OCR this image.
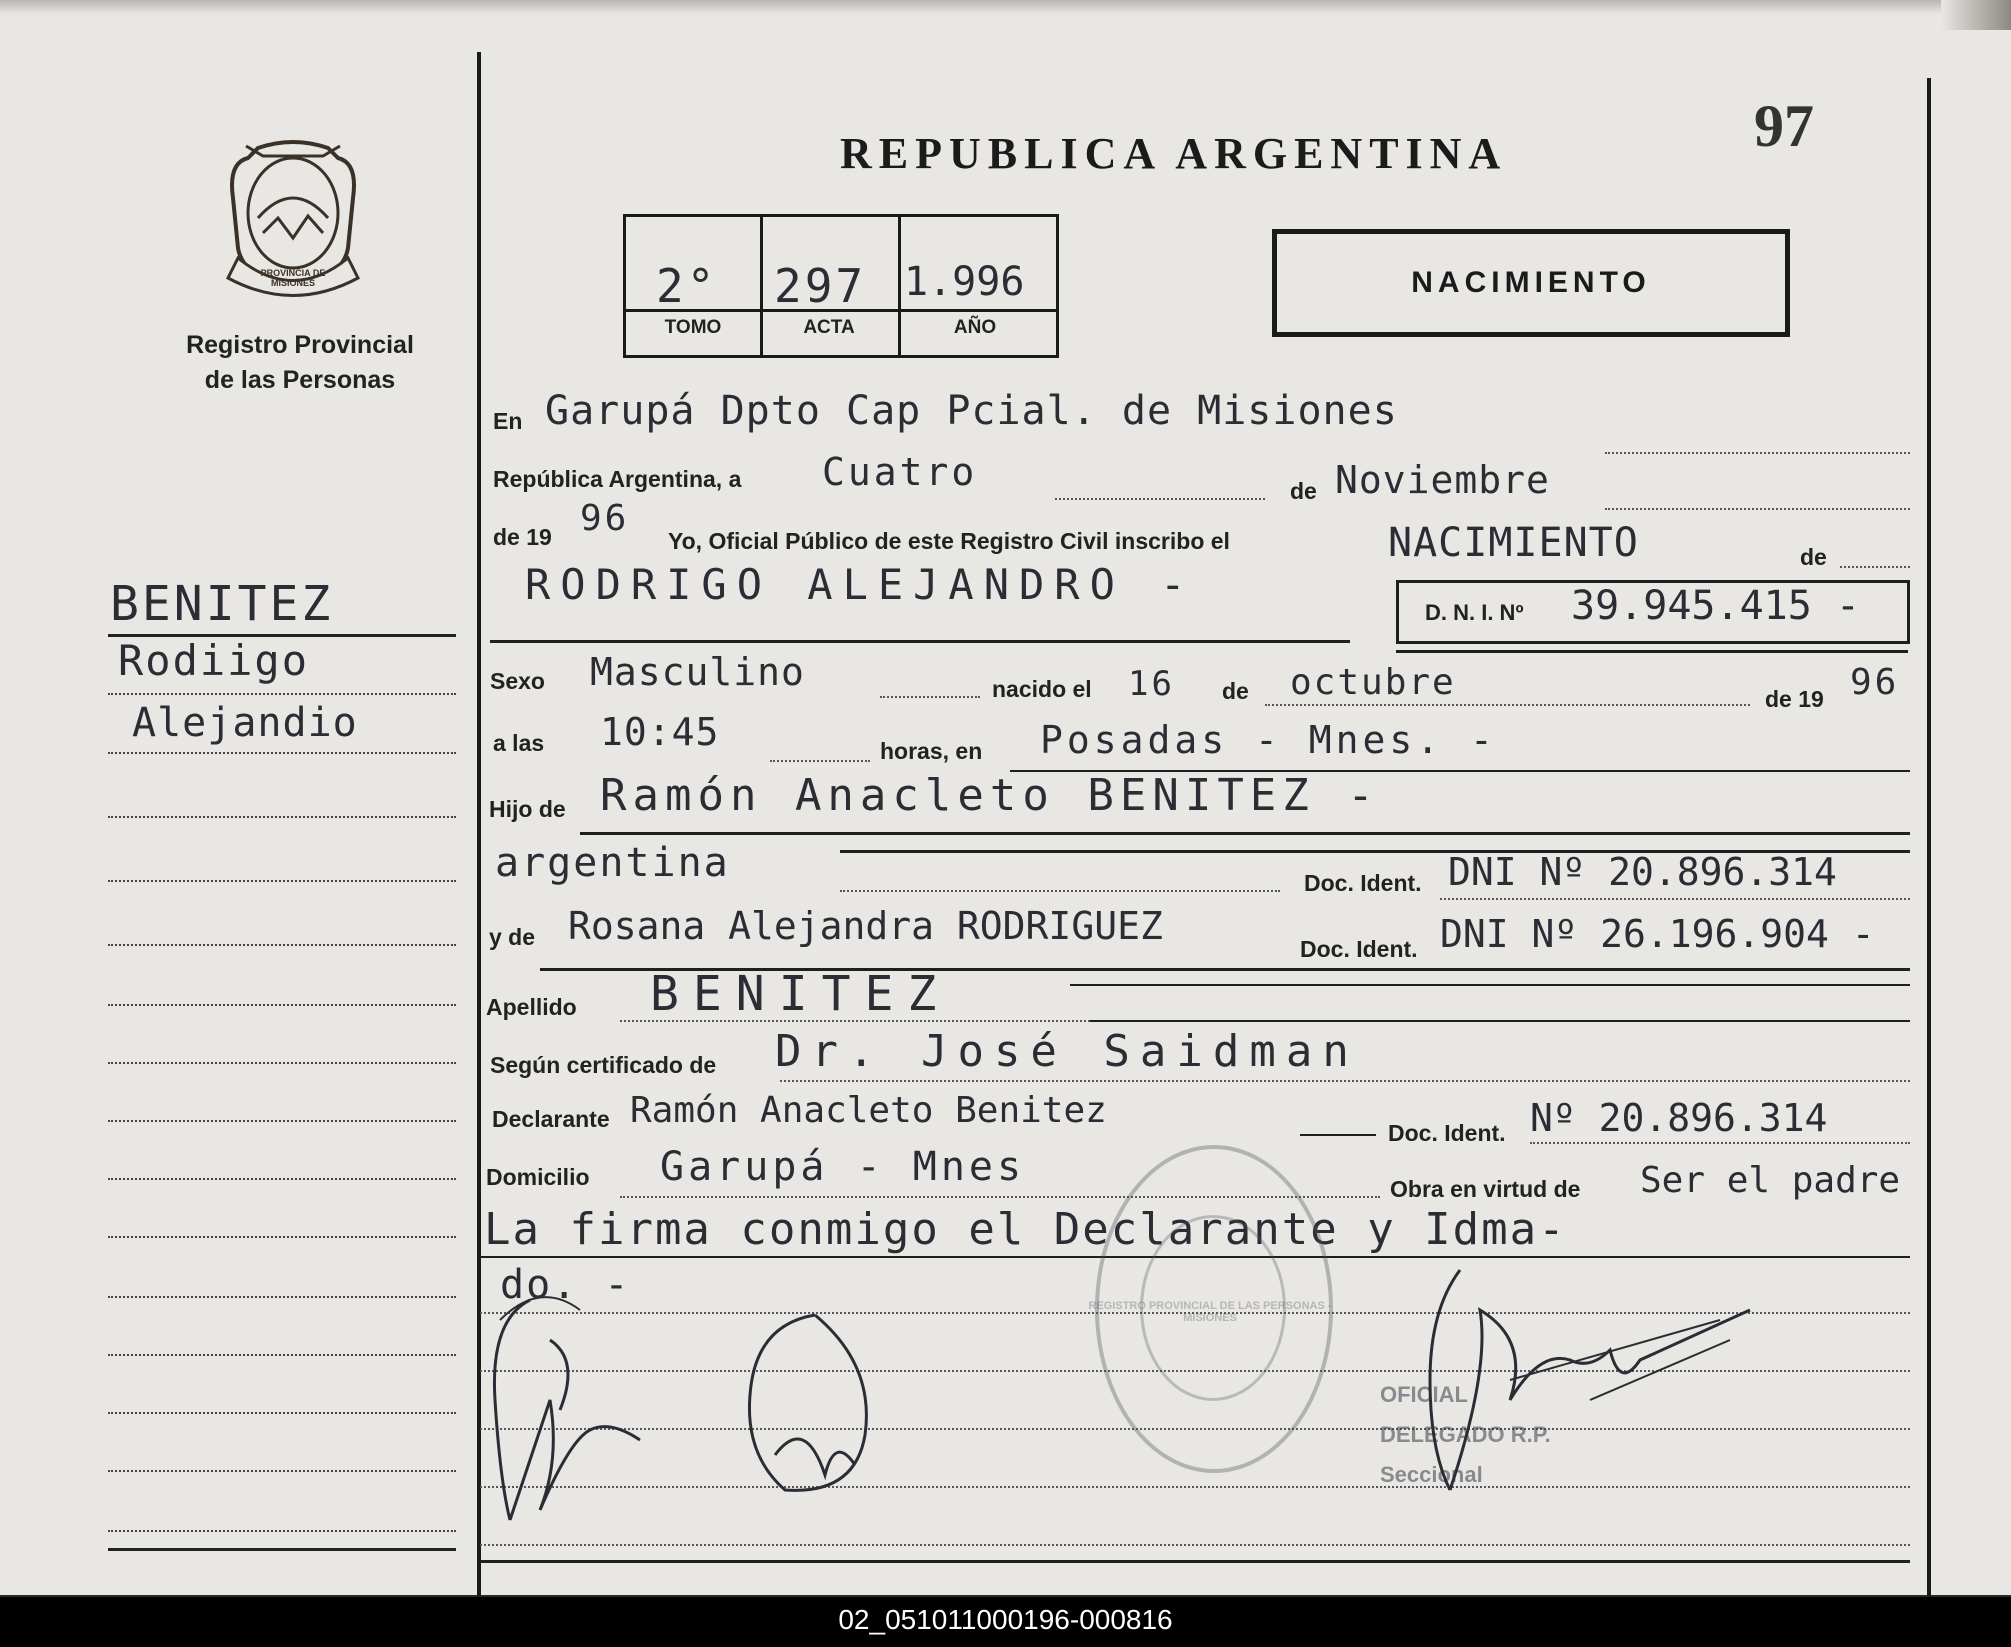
97
REPUBLICA ARGENTINA
PROVINCIA DE MISIONES
Registro Provincial
de las Personas
2° 297 1.996
TOMO	ACTA	AÑO
NACIMIENTO
BENITEZ
Rodiigo
Alejandio
En Garupá Dpto Cap Pcial. de Misiones
República Argentina, a Cuatro	de Noviembre
de 19 96
Yo, Oficial Público de este Registro Civil inscribo el	NACIMIENTO	de
RODRIGO ALEJANDRO -
D. N. I. Nº 39.945.415 -
Sexo Masculino	nacido el 16 de octubre	de 19 96
a las 10:45	horas, en Posadas - Mnes. -
Hijo de Ramón Anacleto BENITEZ -
argentina	Doc. Ident. DNI Nº 20.896.314
y de Rosana Alejandra RODRIGUEZ
Doc. Ident. DNI Nº 26.196.904 -
Apellido BENITEZ
Según certificado de Dr. José Saidman
Declarante Ramón Anacleto Benitez
Doc. Ident. Nº 20.896.314
Domicilio Garupá - Mnes	Obra en virtud de Ser el padre
La firma conmigo el Declarante y Idma-
do. -	REGISTRO PROVINCIAL DE LAS PERSONAS - MISIONES
OFICIAL
DELEGADO R.P.
Seccional
02_051011000196-000816
